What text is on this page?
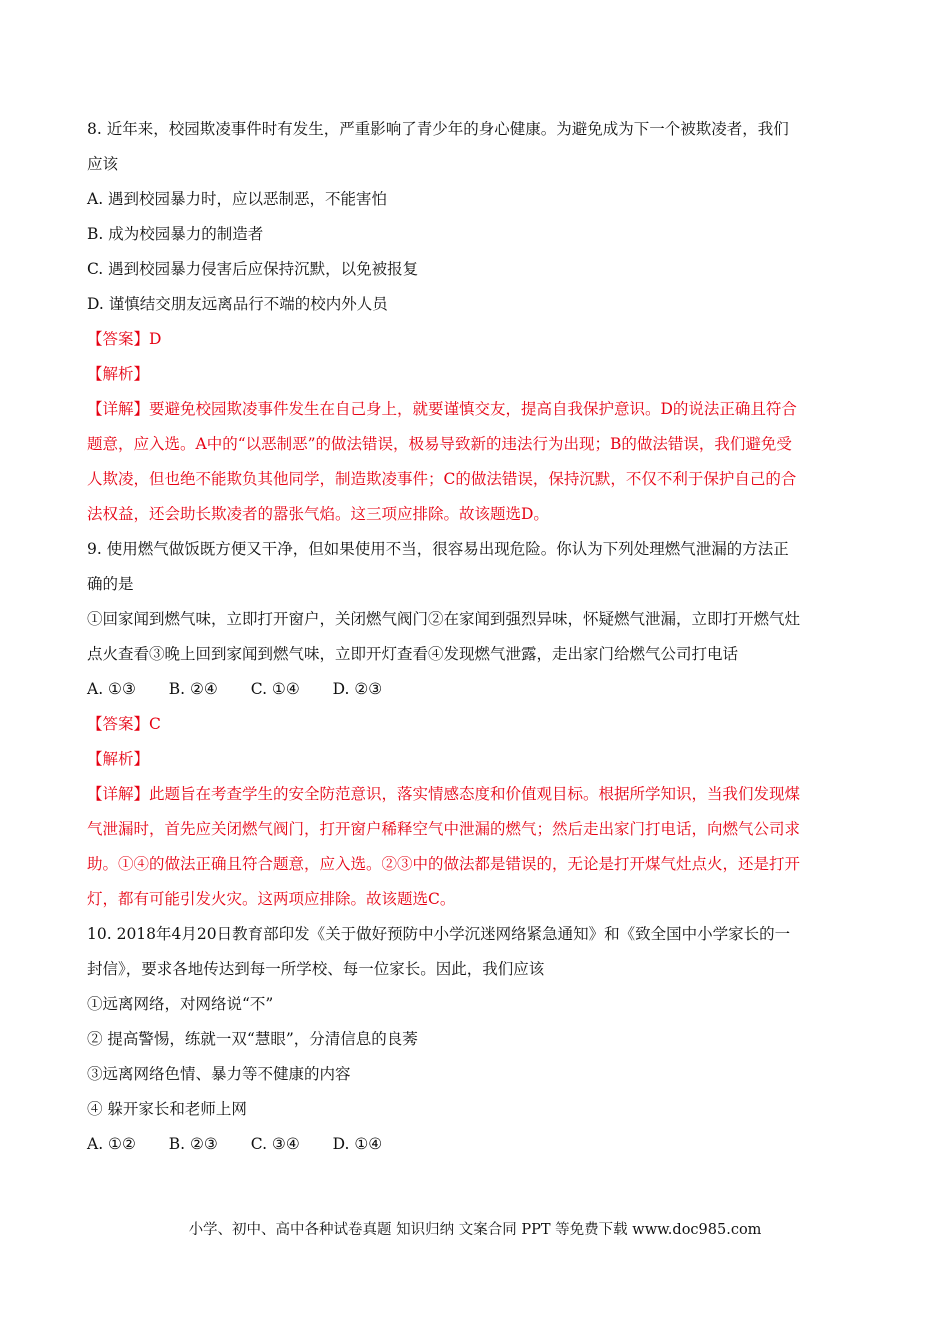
8. 近年来，校园欺凌事件时有发生，严重影响了青少年的身心健康。为避免成为下一个被欺凌者，我们
应该
A. 遇到校园暴力时，应以恶制恶，不能害怕
B. 成为校园暴力的制造者
C. 遇到校园暴力侵害后应保持沉默，以免被报复
D. 谨慎结交朋友远离品行不端的校内外人员
【答案】D
【解析】
【详解】要避免校园欺凌事件发生在自己身上，就要谨慎交友，提高自我保护意识。D的说法正确且符合
题意，应入选。A中的“以恶制恶”的做法错误，极易导致新的违法行为出现；B的做法错误，我们避免受
人欺凌，但也绝不能欺负其他同学，制造欺凌事件；C的做法错误，保持沉默，不仅不利于保护自己的合
法权益，还会助长欺凌者的嚣张气焰。这三项应排除。故该题选D。
9. 使用燃气做饭既方便又干净，但如果使用不当，很容易出现危险。你认为下列处理燃气泄漏的方法正
确的是
①回家闻到燃气味，立即打开窗户，关闭燃气阀门②在家闻到强烈异味，怀疑燃气泄漏，立即打开燃气灶
点火查看③晚上回到家闻到燃气味，立即开灯查看④发现燃气泄露，走出家门给燃气公司打电话
A. ①③ B. ②④ C. ①④ D. ②③
【答案】C
【解析】
【详解】此题旨在考查学生的安全防范意识，落实情感态度和价值观目标。根据所学知识，当我们发现煤
气泄漏时，首先应关闭燃气阀门，打开窗户稀释空气中泄漏的燃气；然后走出家门打电话，向燃气公司求
助。①④的做法正确且符合题意，应入选。②③中的做法都是错误的，无论是打开煤气灶点火，还是打开
灯，都有可能引发火灾。这两项应排除。故该题选C。
10. 2018年4月20日教育部印发《关于做好预防中小学沉迷网络紧急通知》和《致全国中小学家长的一
封信》，要求各地传达到每一所学校、每一位家长。因此，我们应该
①远离网络，对网络说“不”
② 提高警惕，练就一双“慧眼”，分清信息的良莠
③远离网络色情、暴力等不健康的内容
④ 躲开家长和老师上网
A. ①② B. ②③ C. ③④ D. ①④
小学、初中、高中各种试卷真题 知识归纳 文案合同 PPT 等免费下载 www.doc985.com
